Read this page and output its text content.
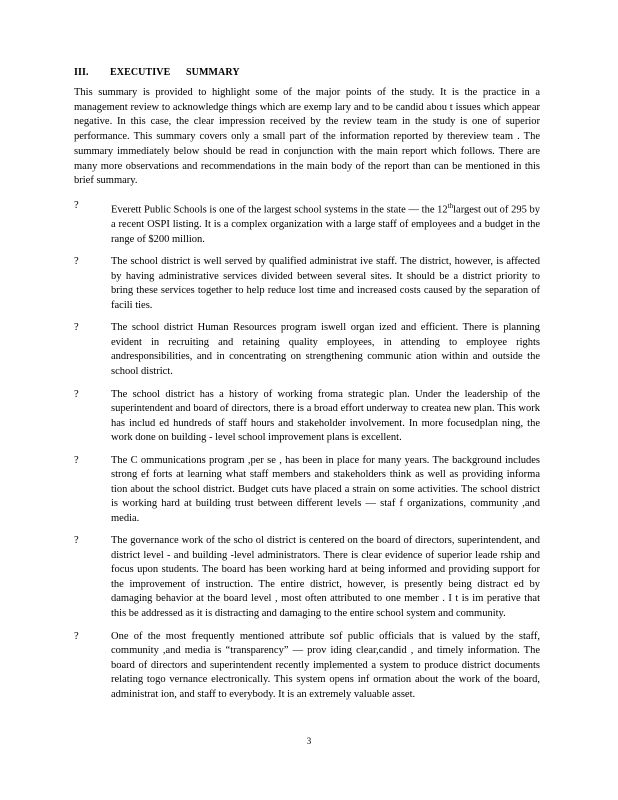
III. EXECUTIVE SUMMARY
This summary is provided to highlight some of the major points of the study. It is the practice in a management review to acknowledge things which are exemp lary and to be candid abou t issues which appear negative. In this case, the clear impression received by the review team in the study is one of superior performance. This summary covers only a small part of the information reported by thereview team . The summary immediately below should be read in conjunction with the main report which follows. There are many more observations and recommendations in the main body of the report than can be mentioned in this brief summary.
?	Everett Public Schools is one of the largest school systems in the state — the 12thlargest out of 295 by a recent OSPI listing. It is a complex organization with a large staff of employees and a budget in the range of $200 million.
?	The school district is well served by qualified administrat ive staff. The district, however, is affected by having administrative services divided between several sites. It should be a district priority to bring these services together to help reduce lost time and increased costs caused by the separation of facili ties.
?	The school district Human Resources program iswell organ ized and efficient. There is planning evident in recruiting and retaining quality employees, in attending to employee rights andresponsibilities, and in concentrating on strengthening communic ation within and outside the school district.
?	The school district has a history of working froma strategic plan. Under the leadership of the superintendent and board of directors, there is a broad effort underway to createa new plan. This work has includ ed hundreds of staff hours and stakeholder involvement. In more focusedplan ning, the work done on building - level school improvement plans is excellent.
?	The C ommunications program ,per se , has been in place for many years. The background includes strong ef forts at learning what staff members and stakeholders think as well as providing informa tion about the school district. Budget cuts have placed a strain on some activities. The school district is working hard at building trust between different levels — staf f organizations, community ,and media.
?	The governance work of the scho ol district is centered on the board of directors, superintendent, and district level - and building -level administrators. There is clear evidence of superior leade rship and focus upon students. The board has been working hard at being informed and providing support for the improvement of instruction. The entire district, however, is presently being distract ed by damaging behavior at the board level , most often attributed to one member . I t is im perative that this be addressed as it is distracting and damaging to the entire school system and community.
?	One of the most frequently mentioned attribute sof public officials that is valued by the staff, community ,and media is “transparency” — prov iding clear,candid , and timely information. The board of directors and superintendent recently implemented a system to produce district documents relating togo vernance electronically. This system opens inf ormation about the work of the board, administrat ion, and staff to everybody. It is an extremely valuable asset.
3
